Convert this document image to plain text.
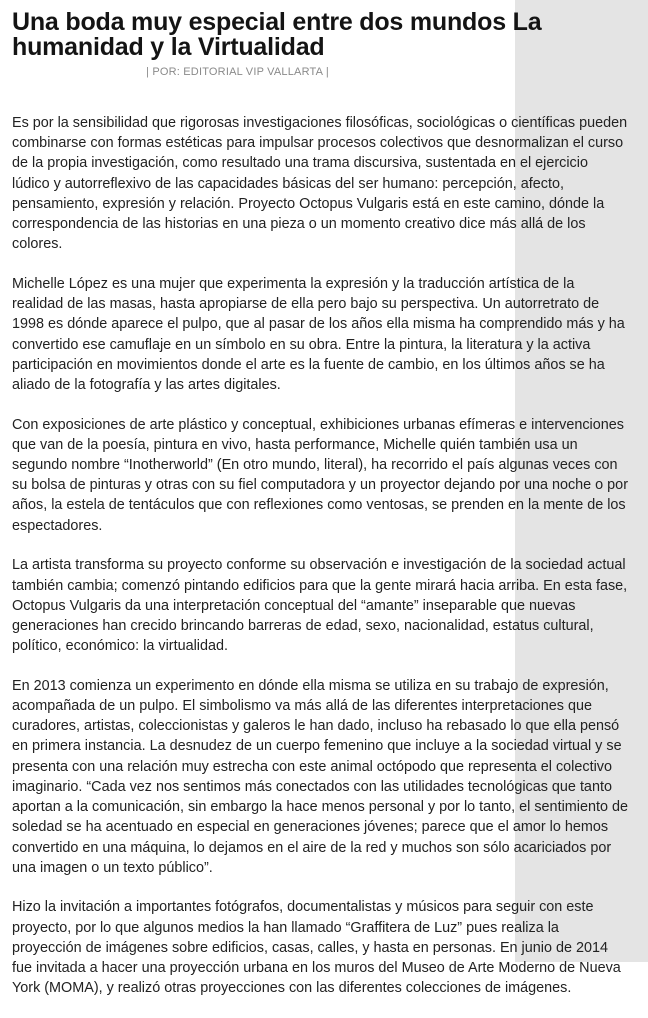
Una boda muy especial entre dos mundos La humanidad y la Virtualidad
| POR: EDITORIAL VIP VALLARTA |

Es por la sensibilidad que rigorosas investigaciones filosóficas, sociológicas o científicas pueden combinarse con formas estéticas para impulsar procesos colectivos que desnormalizan el curso de la propia investigación, como resultado una trama discursiva, sustentada en el ejercicio lúdico y autorreflexivo de las capacidades básicas del ser humano: percepción, afecto, pensamiento, expresión y relación. Proyecto Octopus Vulgaris está en este camino, dónde la correspondencia de las historias en una pieza o un momento creativo dice más allá de los colores.

Michelle López es una mujer que experimenta la expresión y la traducción artística de la realidad de las masas, hasta apropiarse de ella pero bajo su perspectiva. Un autorretrato de 1998 es dónde aparece el pulpo, que al pasar de los años ella misma ha comprendido más y ha convertido ese camuflaje en un símbolo en su obra. Entre la pintura, la literatura y la activa participación en movimientos donde el arte es la fuente de cambio, en los últimos años se ha aliado de la fotografía y las artes digitales.

Con exposiciones de arte plástico y conceptual, exhibiciones urbanas efímeras e intervenciones que van de la poesía, pintura en vivo, hasta performance, Michelle quién también usa un segundo nombre “Inotherworld” (En otro mundo, literal), ha recorrido el país algunas veces con su bolsa de pinturas y otras con su fiel computadora y un proyector dejando por una noche o por años, la estela de tentáculos que con reflexiones como ventosas, se prenden en la mente de los espectadores.

La artista transforma su proyecto conforme su observación e investigación de la sociedad actual también cambia; comenzó pintando edificios para que la gente mirará hacia arriba. En esta fase, Octopus Vulgaris da una interpretación conceptual del “amante” inseparable que nuevas generaciones han crecido brincando barreras de edad, sexo, nacionalidad, estatus cultural, político, económico: la virtualidad.

En 2013 comienza un experimento en dónde ella misma se utiliza en su trabajo de expresión, acompañada de un pulpo. El simbolismo va más allá de las diferentes interpretaciones que curadores, artistas, coleccionistas y galeros le han dado, incluso ha rebasado lo que ella pensó en primera instancia. La desnudez de un cuerpo femenino que incluye a la sociedad virtual y se presenta con una relación muy estrecha con este animal octópodo que representa el colectivo imaginario. “Cada vez nos sentimos más conectados con las utilidades tecnológicas que tanto aportan a la comunicación, sin embargo la hace menos personal y por lo tanto, el sentimiento de soledad se ha acentuado en especial en generaciones jóvenes; parece que el amor lo hemos convertido en una máquina, lo dejamos en el aire de la red y muchos son sólo acariciados por una imagen o un texto público”.

Hizo la invitación a importantes fotógrafos, documentalistas y músicos para seguir con este proyecto, por lo que algunos medios la han llamado “Graffitera de Luz” pues realiza la proyección de imágenes sobre edificios, casas, calles, y hasta en personas. En junio de 2014 fue invitada a hacer una proyección urbana en los muros del Museo de Arte Moderno de Nueva York (MOMA), y realizó otras proyecciones con las diferentes colecciones de imágenes.
